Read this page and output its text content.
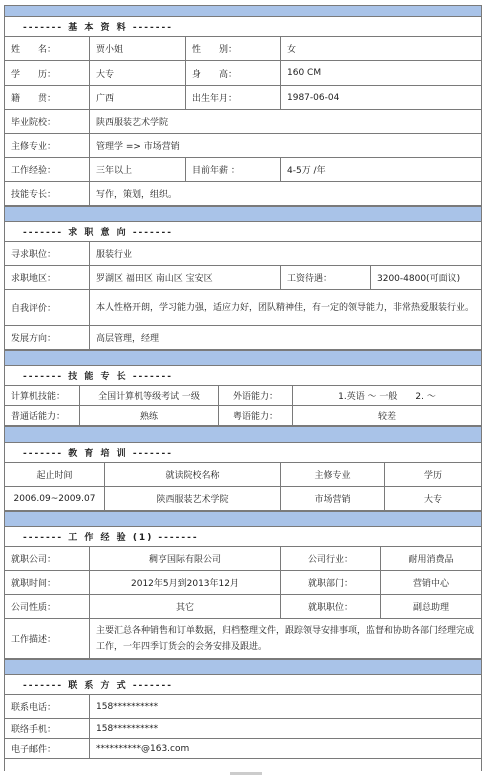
------- 基 本 资 料 -------
姓　　名：	贾小姐	性　　别：	女
学　　历：	大专	身　　高：	160 CM
籍　　贯：	广西	出生年月：	1987-06-04
毕业院校：	陕西服装艺术学院
主修专业：	管理学 => 市场营销
工作经验：	三年以上	目前年薪 ：	4-5万 /年
技能专长：	写作，策划，组织。
------- 求 职 意 向 -------
寻求职位：	服装行业
求职地区：	罗湖区 福田区 南山区 宝安区	工资待遇：	3200-4800(可面议)
自我评价：	本人性格开朗，学习能力强，适应力好，团队精神佳，有一定的领导能力，非常热爱服装行业。
发展方向：	高层管理，经理
------- 技 能 专 长 -------
计算机技能：	全国计算机等级考试 一级	外语能力：	1.英语 ～ 一般　　2. ～
普通话能力：	熟练	粤语能力：	较差
------- 教 育 培 训 -------
起止时间	就读院校名称	主修专业	学历
2006.09~2009.07	陕西服装艺术学院	市场营销	大专
------- 工 作 经 验 (1) -------
就职公司：	稠亨国际有限公司	公司行业：	耐用消费品
就职时间：	2012年5月到2013年12月	就职部门：	营销中心
公司性质：	其它	就职职位：	副总助理
工作描述：
主要汇总各种销售和订单数据，归档整理文件，跟踪领导安排事项，监督和协助各部门经理完成工作，一年四季订货会的会务安排及跟进。
------- 联 系 方 式 -------
联系电话：	158**********
联络手机：	158**********
电子邮件：	**********@163.com
